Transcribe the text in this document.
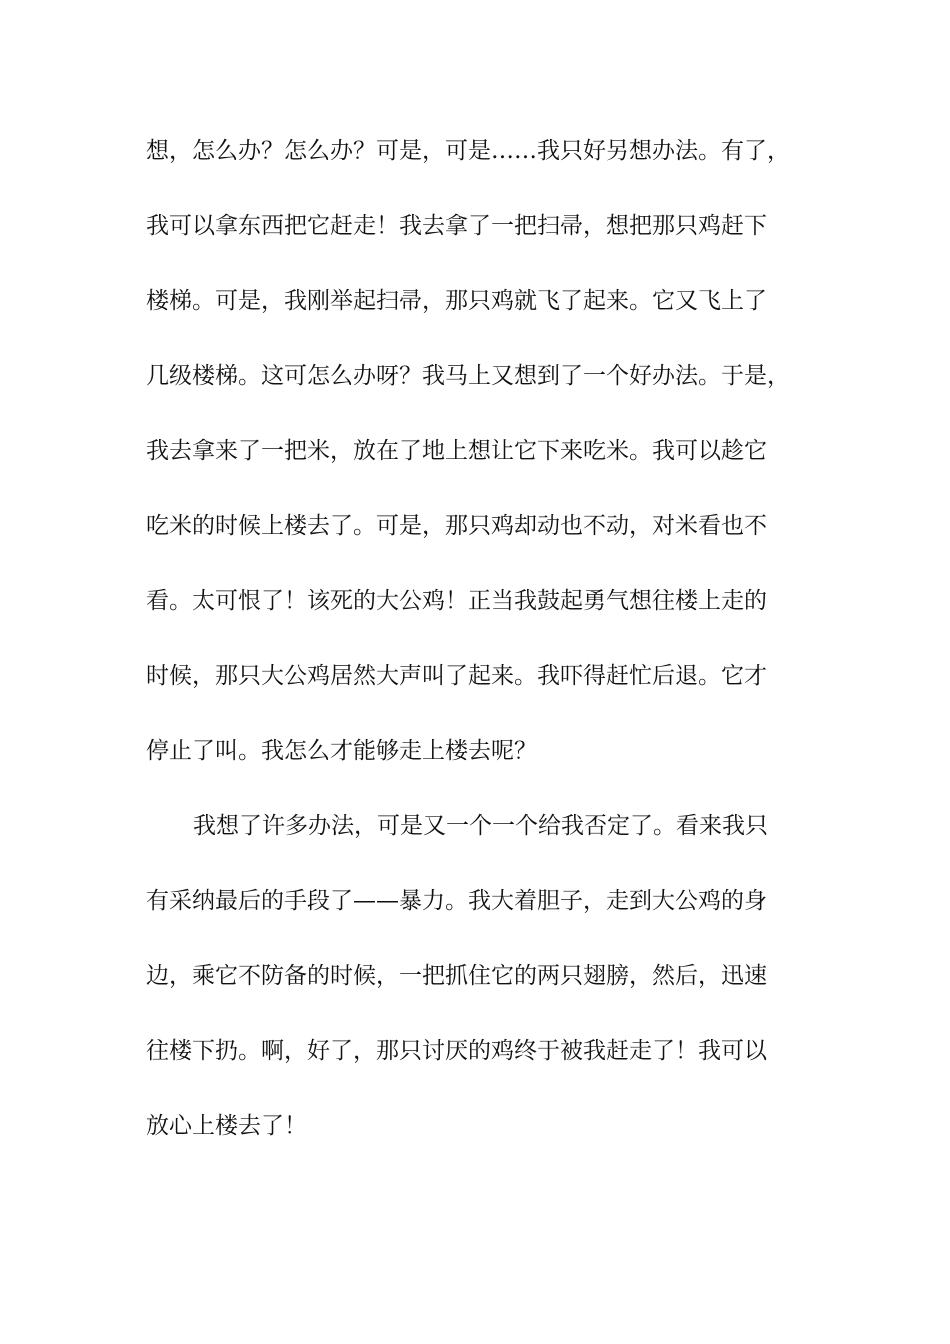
想，怎么办？怎么办？可是，可是……我只好另想办法。有了，
我可以拿东西把它赶走！我去拿了一把扫帚，想把那只鸡赶下
楼梯。可是，我刚举起扫帚，那只鸡就飞了起来。它又飞上了
几级楼梯。这可怎么办呀？我马上又想到了一个好办法。于是，
我去拿来了一把米，放在了地上想让它下来吃米。我可以趁它
吃米的时候上楼去了。可是，那只鸡却动也不动，对米看也不
看。太可恨了！该死的大公鸡！正当我鼓起勇气想往楼上走的
时候，那只大公鸡居然大声叫了起来。我吓得赶忙后退。它才
停止了叫。我怎么才能够走上楼去呢？
我想了许多办法，可是又一个一个给我否定了。看来我只
有采纳最后的手段了——暴力。我大着胆子，走到大公鸡的身
边，乘它不防备的时候，一把抓住它的两只翅膀，然后，迅速
往楼下扔。啊，好了，那只讨厌的鸡终于被我赶走了！我可以
放心上楼去了！
